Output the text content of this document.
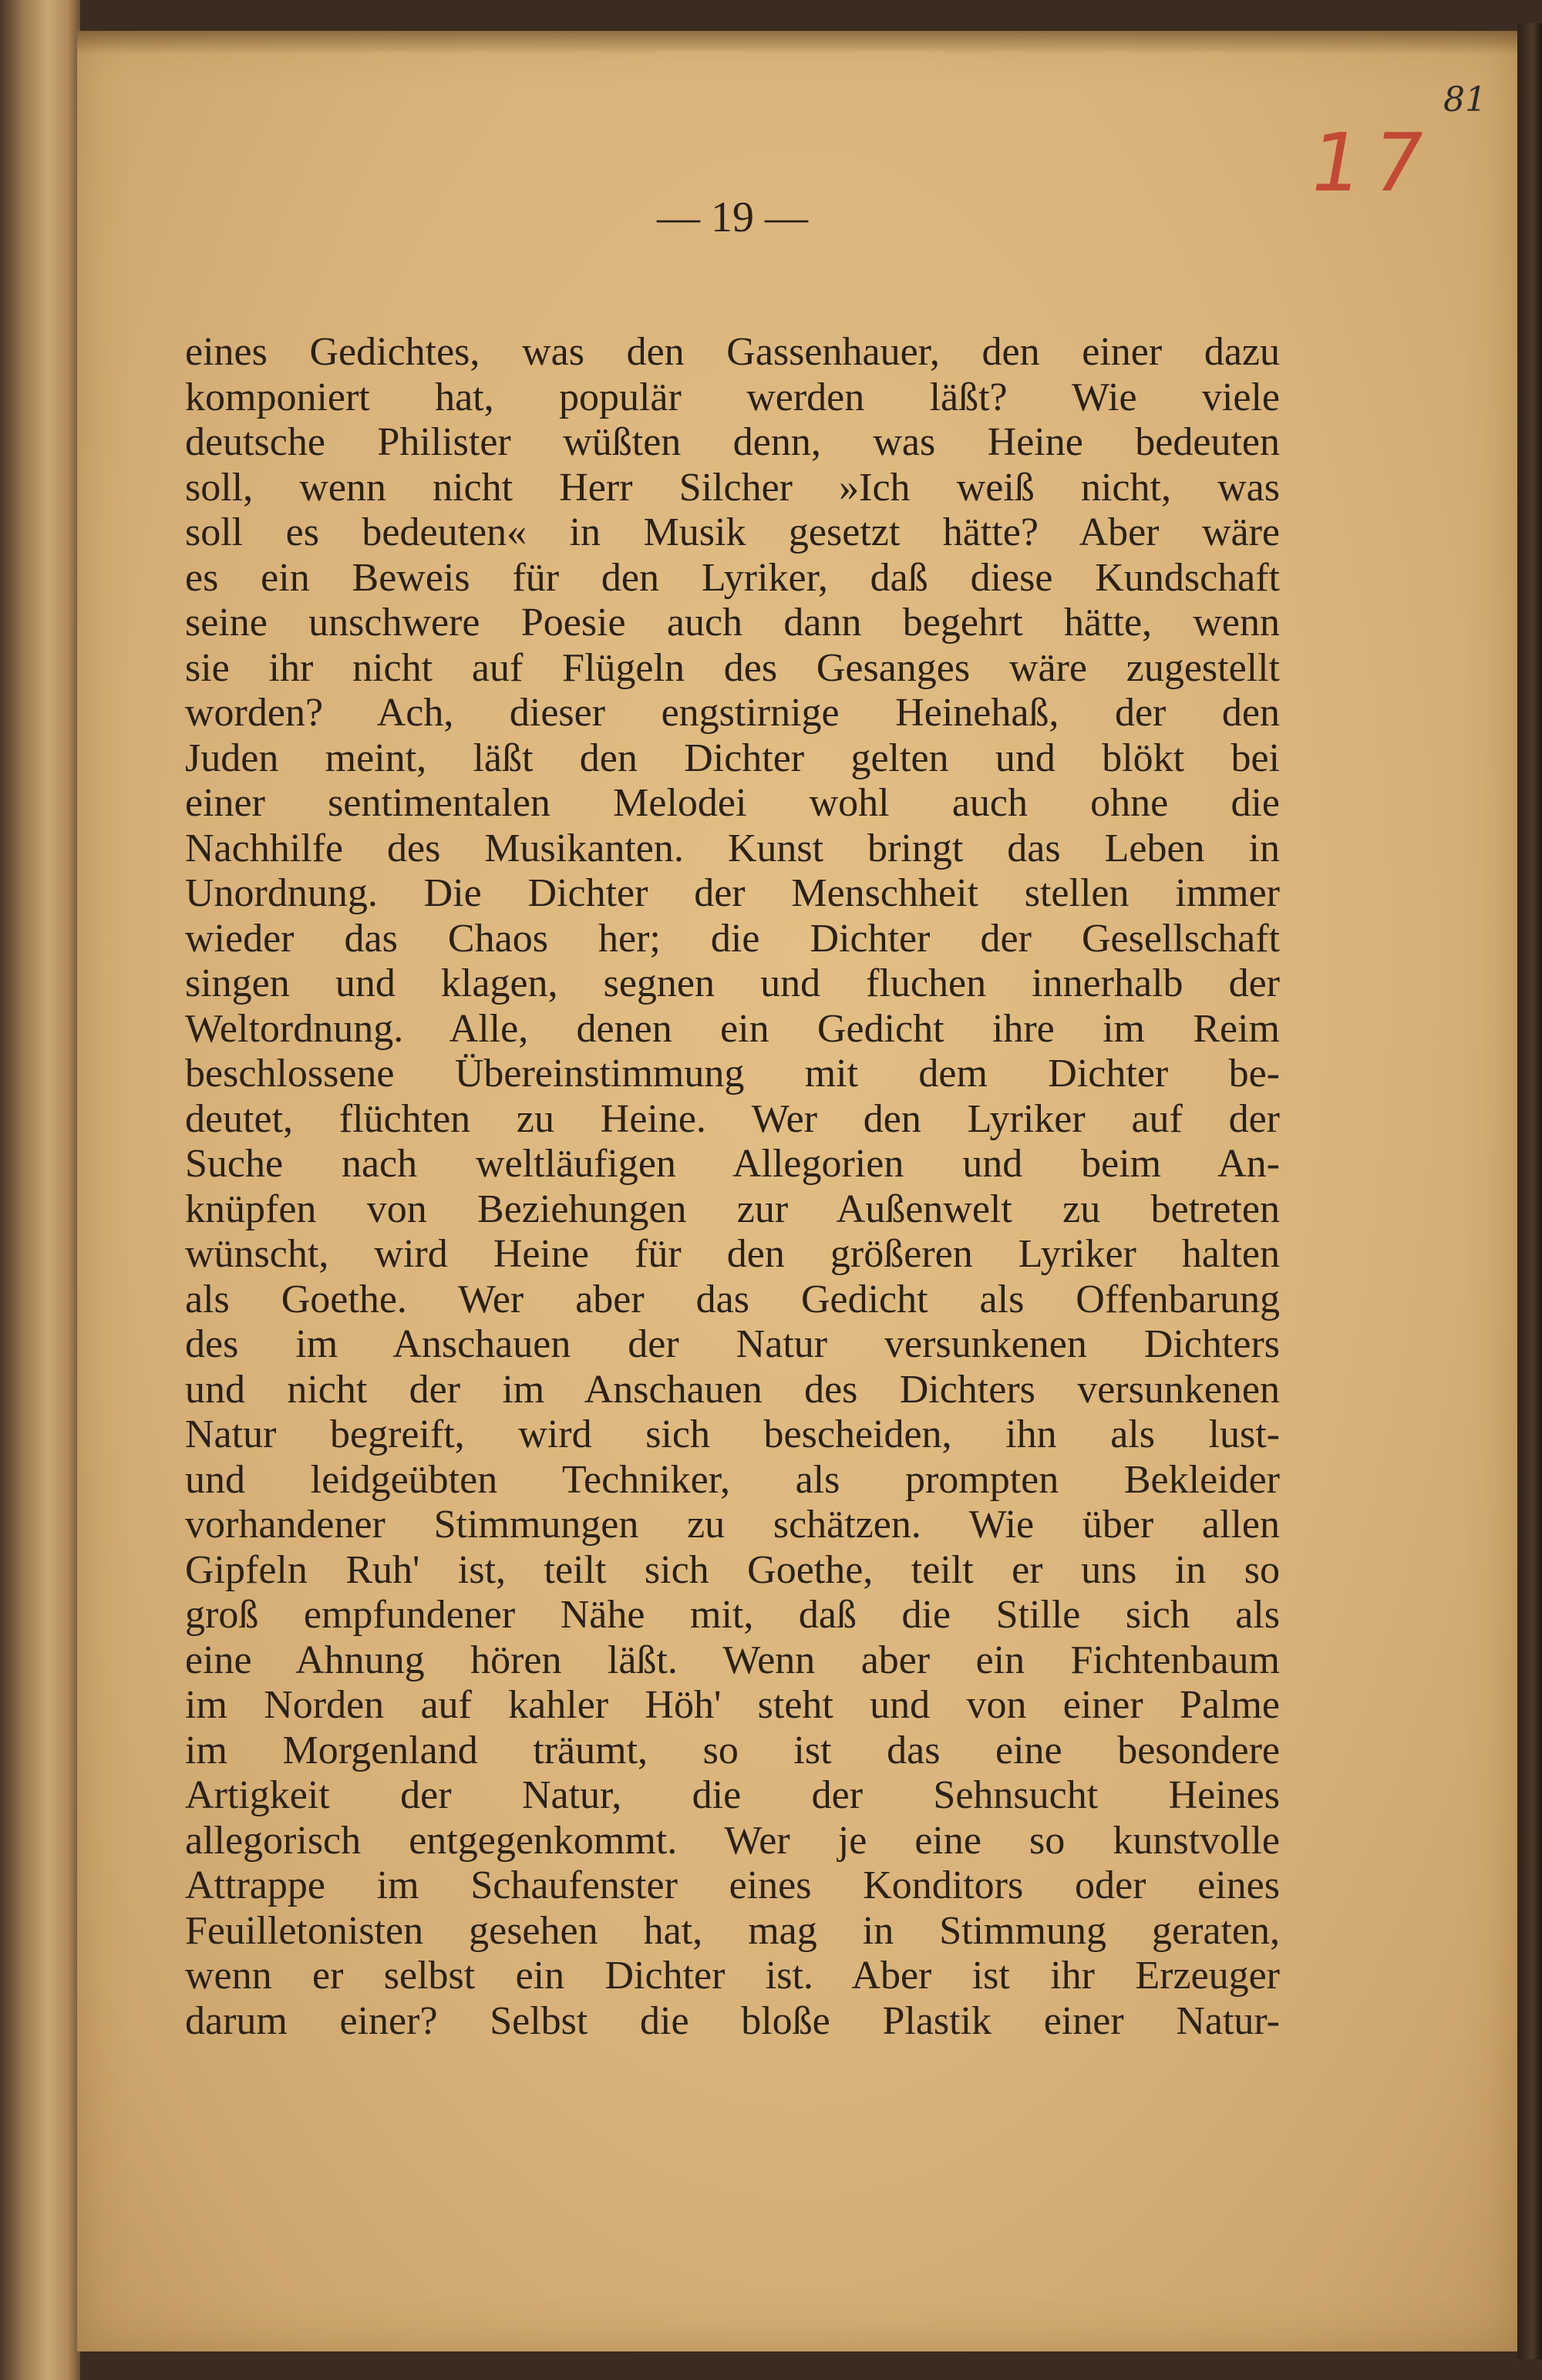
81
17
— 19 —
eines Gedichtes, was den Gassenhauer, den einer dazu
komponiert hat, populär werden läßt? Wie viele
deutsche Philister wüßten denn, was Heine bedeuten
soll, wenn nicht Herr Silcher »Ich weiß nicht, was
soll es bedeuten« in Musik gesetzt hätte? Aber wäre
es ein Beweis für den Lyriker, daß diese Kundschaft
seine unschwere Poesie auch dann begehrt hätte, wenn
sie ihr nicht auf Flügeln des Gesanges wäre zugestellt
worden? Ach, dieser engstirnige Heinehaß, der den
Juden meint, läßt den Dichter gelten und blökt bei
einer sentimentalen Melodei wohl auch ohne die
Nachhilfe des Musikanten. Kunst bringt das Leben in
Unordnung. Die Dichter der Menschheit stellen immer
wieder das Chaos her; die Dichter der Gesellschaft
singen und klagen, segnen und fluchen innerhalb der
Weltordnung. Alle, denen ein Gedicht ihre im Reim
beschlossene Übereinstimmung mit dem Dichter be-
deutet, flüchten zu Heine. Wer den Lyriker auf der
Suche nach weltläufigen Allegorien und beim An-
knüpfen von Beziehungen zur Außenwelt zu betreten
wünscht, wird Heine für den größeren Lyriker halten
als Goethe. Wer aber das Gedicht als Offenbarung
des im Anschauen der Natur versunkenen Dichters
und nicht der im Anschauen des Dichters versunkenen
Natur begreift, wird sich bescheiden, ihn als lust-
und leidgeübten Techniker, als prompten Bekleider
vorhandener Stimmungen zu schätzen. Wie über allen
Gipfeln Ruh' ist, teilt sich Goethe, teilt er uns in so
groß empfundener Nähe mit, daß die Stille sich als
eine Ahnung hören läßt. Wenn aber ein Fichtenbaum
im Norden auf kahler Höh' steht und von einer Palme
im Morgenland träumt, so ist das eine besondere
Artigkeit der Natur, die der Sehnsucht Heines
allegorisch entgegenkommt. Wer je eine so kunstvolle
Attrappe im Schaufenster eines Konditors oder eines
Feuilletonisten gesehen hat, mag in Stimmung geraten,
wenn er selbst ein Dichter ist. Aber ist ihr Erzeuger
darum einer? Selbst die bloße Plastik einer Natur-
